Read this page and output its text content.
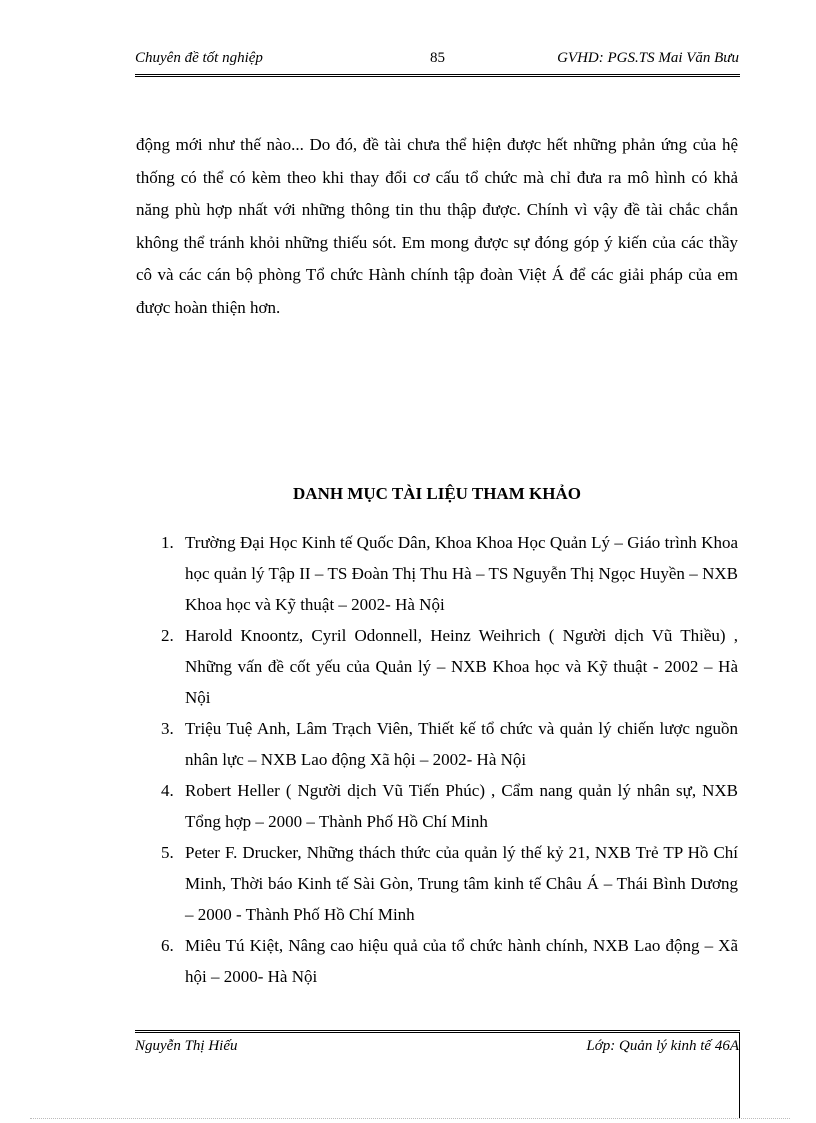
Chuyên đề tốt nghiệp	85	GVHD: PGS.TS Mai Văn Bưu

động mới như thế nào... Do đó, đề tài chưa thể hiện được hết những phản ứng của hệ thống có thể có kèm theo khi thay đổi cơ cấu tổ chức mà chỉ đưa ra mô hình có khả năng phù hợp nhất với những thông tin thu thập được. Chính vì vậy đề tài chắc chắn không thể tránh khỏi những thiếu sót. Em mong được sự đóng góp ý kiến của các thầy cô và các cán bộ phòng Tổ chức Hành chính tập đoàn Việt Á để các giải pháp của em được hoàn thiện hơn.

DANH MỤC TÀI LIỆU THAM KHẢO
1. Trường Đại Học Kinh tế Quốc Dân, Khoa Khoa Học Quản Lý – Giáo trình Khoa học quản lý Tập II – TS Đoàn Thị Thu Hà – TS Nguyễn Thị Ngọc Huyền – NXB Khoa học và Kỹ thuật – 2002- Hà Nội
2. Harold Knoontz, Cyril Odonnell, Heinz Weihrich ( Người dịch Vũ Thiều) , Những vấn đề cốt yếu của Quản lý – NXB Khoa học và Kỹ thuật - 2002 – Hà Nội
3. Triệu Tuệ Anh, Lâm Trạch Viên, Thiết kế tổ chức và quản lý chiến lược nguồn nhân lực – NXB Lao động Xã hội – 2002- Hà Nội
4. Robert Heller ( Người dịch Vũ Tiến Phúc) , Cẩm nang quản lý nhân sự, NXB Tổng hợp – 2000 – Thành Phố Hồ Chí Minh
5. Peter F. Drucker, Những thách thức của quản lý thế kỷ 21, NXB Trẻ TP Hồ Chí Minh, Thời báo Kinh tế Sài Gòn, Trung tâm kinh tế Châu Á – Thái Bình Dương – 2000 - Thành Phố Hồ Chí Minh
6. Miêu Tú Kiệt, Nâng cao hiệu quả của tổ chức hành chính, NXB Lao động – Xã hội – 2000- Hà Nội
Nguyễn Thị Hiếu	Lớp: Quản lý kinh tế 46A
